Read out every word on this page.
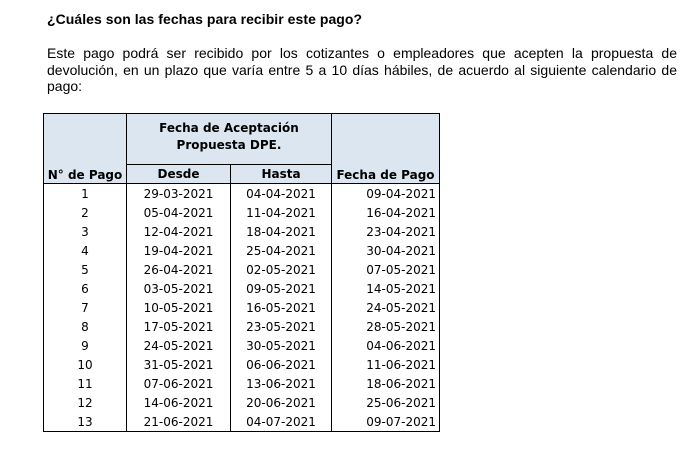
¿Cuáles son las fechas para recibir este pago?
Este pago podrá ser recibido por los cotizantes o empleadores que acepten la propuesta de devolución, en un plazo que varía entre 5 a 10 días hábiles, de acuerdo al siguiente calendario de pago:
N° de Pago	Fecha de Aceptación Propuesta DPE.		Fecha de Pago
	Desde	Hasta	
1	29-03-2021	04-04-2021	09-04-2021
2	05-04-2021	11-04-2021	16-04-2021
3	12-04-2021	18-04-2021	23-04-2021
4	19-04-2021	25-04-2021	30-04-2021
5	26-04-2021	02-05-2021	07-05-2021
6	03-05-2021	09-05-2021	14-05-2021
7	10-05-2021	16-05-2021	24-05-2021
8	17-05-2021	23-05-2021	28-05-2021
9	24-05-2021	30-05-2021	04-06-2021
10	31-05-2021	06-06-2021	11-06-2021
11	07-06-2021	13-06-2021	18-06-2021
12	14-06-2021	20-06-2021	25-06-2021
13	21-06-2021	04-07-2021	09-07-2021
